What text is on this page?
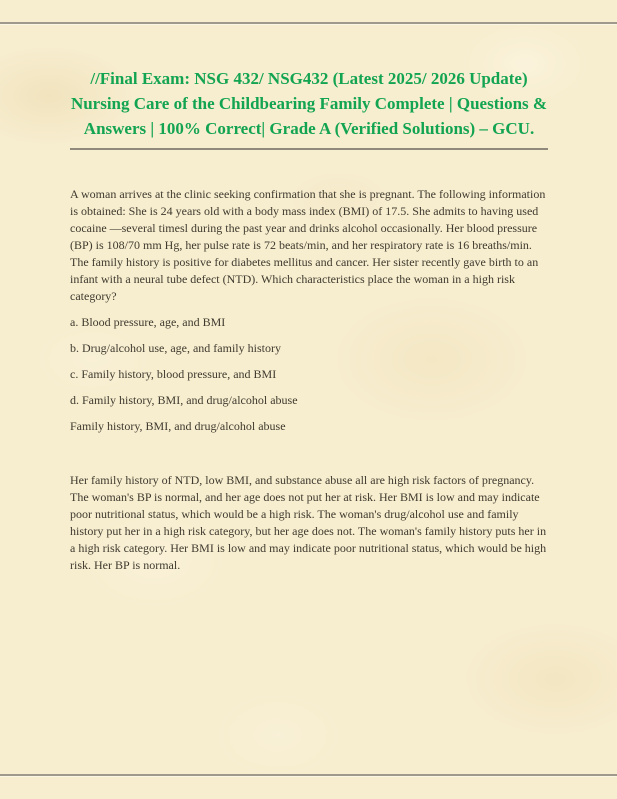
//Final Exam: NSG 432/ NSG432 (Latest 2025/ 2026 Update) Nursing Care of the Childbearing Family Complete | Questions & Answers | 100% Correct| Grade A (Verified Solutions) – GCU.

A woman arrives at the clinic seeking confirmation that she is pregnant. The following information is obtained: She is 24 years old with a body mass index (BMI) of 17.5. She admits to having used cocaine —several timesl during the past year and drinks alcohol occasionally. Her blood pressure (BP) is 108/70 mm Hg, her pulse rate is 72 beats/min, and her respiratory rate is 16 breaths/min. The family history is positive for diabetes mellitus and cancer. Her sister recently gave birth to an infant with a neural tube defect (NTD). Which characteristics place the woman in a high risk category?

a. Blood pressure, age, and BMI

b. Drug/alcohol use, age, and family history

c. Family history, blood pressure, and BMI

d. Family history, BMI, and drug/alcohol abuse

Family history, BMI, and drug/alcohol abuse

Her family history of NTD, low BMI, and substance abuse all are high risk factors of pregnancy. The woman's BP is normal, and her age does not put her at risk. Her BMI is low and may indicate poor nutritional status, which would be a high risk. The woman's drug/alcohol use and family history put her in a high risk category, but her age does not. The woman's family history puts her in a high risk category. Her BMI is low and may indicate poor nutritional status, which would be high risk. Her BP is normal.
